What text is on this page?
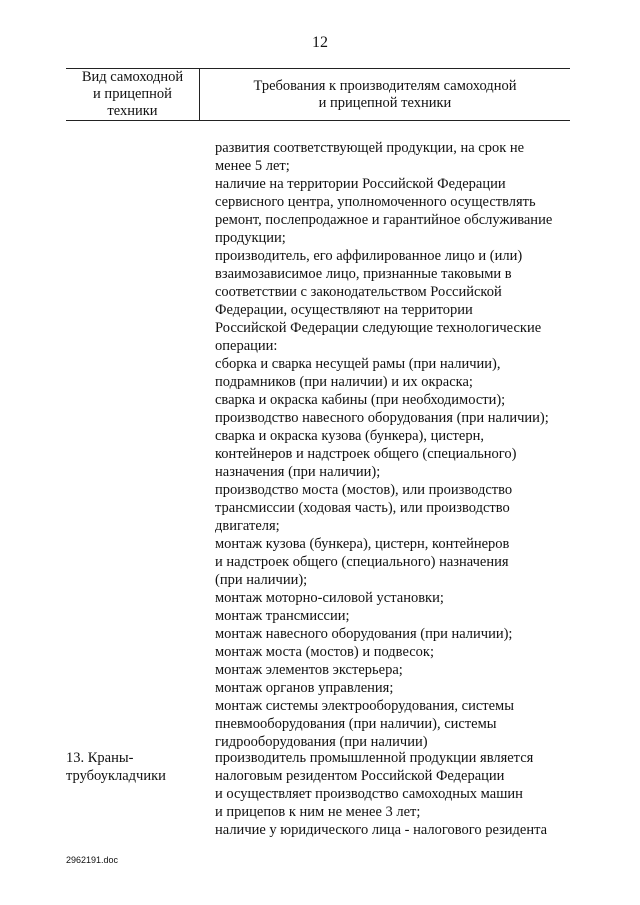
12
Вид самоходной
и прицепной
техники
Требования к производителям самоходной
и прицепной техники
развития соответствующей продукции, на срок не
менее 5 лет;
наличие на территории Российской Федерации
сервисного центра, уполномоченного осуществлять
ремонт, послепродажное и гарантийное обслуживание
продукции;
производитель, его аффилированное лицо и (или)
взаимозависимое лицо, признанные таковыми в
соответствии с законодательством Российской
Федерации, осуществляют на территории
Российской Федерации следующие технологические
операции:
сборка и сварка несущей рамы (при наличии),
подрамников (при наличии) и их окраска;
сварка и окраска кабины (при необходимости);
производство навесного оборудования (при наличии);
сварка и окраска кузова (бункера), цистерн,
контейнеров и надстроек общего (специального)
назначения (при наличии);
производство моста (мостов), или производство
трансмиссии (ходовая часть), или производство
двигателя;
монтаж кузова (бункера), цистерн, контейнеров
и надстроек общего (специального) назначения
(при наличии);
монтаж моторно-силовой установки;
монтаж трансмиссии;
монтаж навесного оборудования (при наличии);
монтаж моста (мостов) и подвесок;
монтаж элементов экстерьера;
монтаж органов управления;
монтаж системы электрооборудования, системы
пневмооборудования (при наличии), системы
гидрооборудования (при наличии)
13. Краны-
трубоукладчики
производитель промышленной продукции является
налоговым резидентом Российской Федерации
и осуществляет производство самоходных машин
и прицепов к ним не менее 3 лет;
наличие у юридического лица - налогового резидента
2962191.doc
